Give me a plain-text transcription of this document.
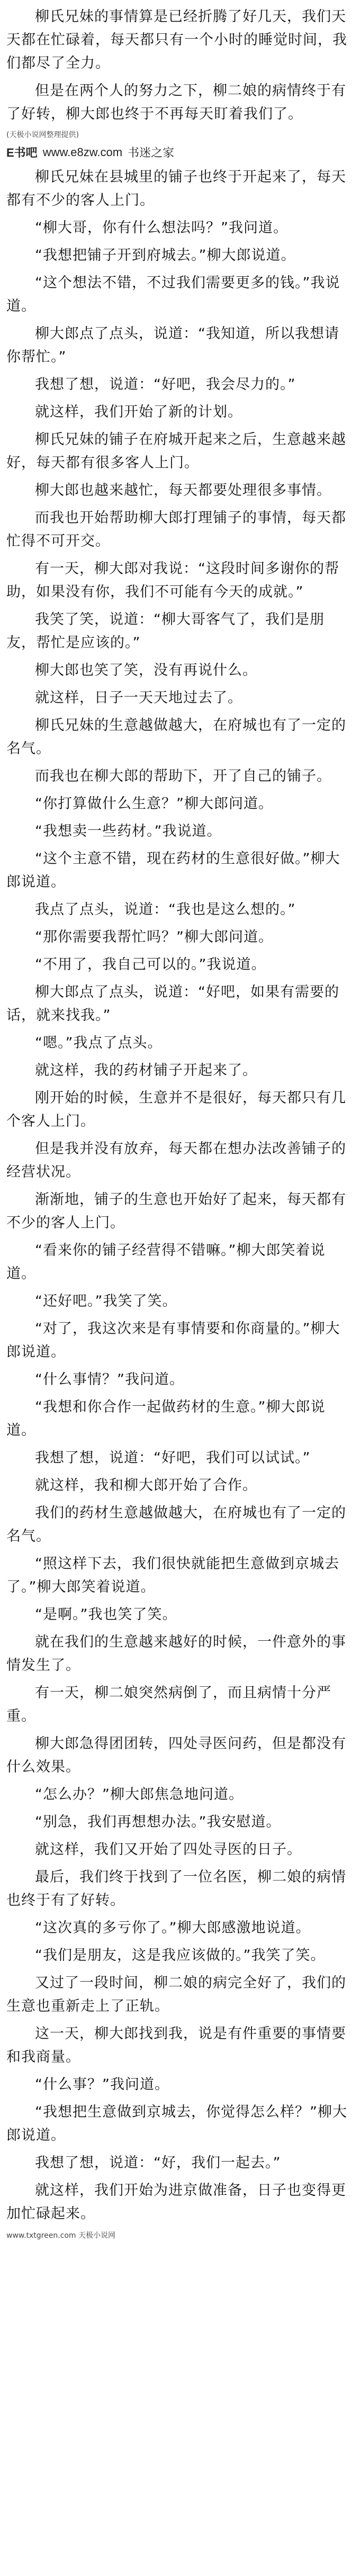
柳氏兄妹的事情算是已经折腾了好几天，我们天天都在忙碌着，每天都只有一个小时的睡觉时间，我们都尽了全力。

但是在两个人的努力之下，柳二娘的病情终于有了好转，柳大郎也终于不再每天盯着我们了。

(天极小说网整理提供)
E书吧 www.e8zw.com 书迷之家

柳氏兄妹在县城里的铺子也终于开起来了，每天都有不少的客人上门。

“柳大哥，你有什么想法吗？”我问道。

“我想把铺子开到府城去。”柳大郎说道。

“这个想法不错，不过我们需要更多的钱。”我说道。

柳大郎点了点头，说道：“我知道，所以我想请你帮忙。”

我想了想，说道：“好吧，我会尽力的。”

就这样，我们开始了新的计划。

柳氏兄妹的铺子在府城开起来之后，生意越来越好，每天都有很多客人上门。

柳大郎也越来越忙，每天都要处理很多事情。

而我也开始帮助柳大郎打理铺子的事情，每天都忙得不可开交。

有一天，柳大郎对我说：“这段时间多谢你的帮助，如果没有你，我们不可能有今天的成就。”

我笑了笑，说道：“柳大哥客气了，我们是朋友，帮忙是应该的。”

柳大郎也笑了笑，没有再说什么。

就这样，日子一天天地过去了。

柳氏兄妹的生意越做越大，在府城也有了一定的名气。

而我也在柳大郎的帮助下，开了自己的铺子。

“你打算做什么生意？”柳大郎问道。

“我想卖一些药材。”我说道。

“这个主意不错，现在药材的生意很好做。”柳大郎说道。

我点了点头，说道：“我也是这么想的。”

“那你需要我帮忙吗？”柳大郎问道。

“不用了，我自己可以的。”我说道。

柳大郎点了点头，说道：“好吧，如果有需要的话，就来找我。”

“嗯。”我点了点头。

就这样，我的药材铺子开起来了。

刚开始的时候，生意并不是很好，每天都只有几个客人上门。

但是我并没有放弃，每天都在想办法改善铺子的经营状况。

渐渐地，铺子的生意也开始好了起来，每天都有不少的客人上门。

“看来你的铺子经营得不错嘛。”柳大郎笑着说道。

“还好吧。”我笑了笑。

“对了，我这次来是有事情要和你商量的。”柳大郎说道。

“什么事情？”我问道。

“我想和你合作一起做药材的生意。”柳大郎说道。

我想了想，说道：“好吧，我们可以试试。”

就这样，我和柳大郎开始了合作。

我们的药材生意越做越大，在府城也有了一定的名气。

“照这样下去，我们很快就能把生意做到京城去了。”柳大郎笑着说道。

“是啊。”我也笑了笑。

就在我们的生意越来越好的时候，一件意外的事情发生了。

有一天，柳二娘突然病倒了，而且病情十分严重。

柳大郎急得团团转，四处寻医问药，但是都没有什么效果。

“怎么办？”柳大郎焦急地问道。

“别急，我们再想想办法。”我安慰道。

就这样，我们又开始了四处寻医的日子。

最后，我们终于找到了一位名医，柳二娘的病情也终于有了好转。

“这次真的多亏你了。”柳大郎感激地说道。

“我们是朋友，这是我应该做的。”我笑了笑。

又过了一段时间，柳二娘的病完全好了，我们的生意也重新走上了正轨。

这一天，柳大郎找到我，说是有件重要的事情要和我商量。

“什么事？”我问道。

“我想把生意做到京城去，你觉得怎么样？”柳大郎说道。

我想了想，说道：“好，我们一起去。”

就这样，我们开始为进京做准备，日子也变得更加忙碌起来。

www.txtgreen.com 天极小说网
